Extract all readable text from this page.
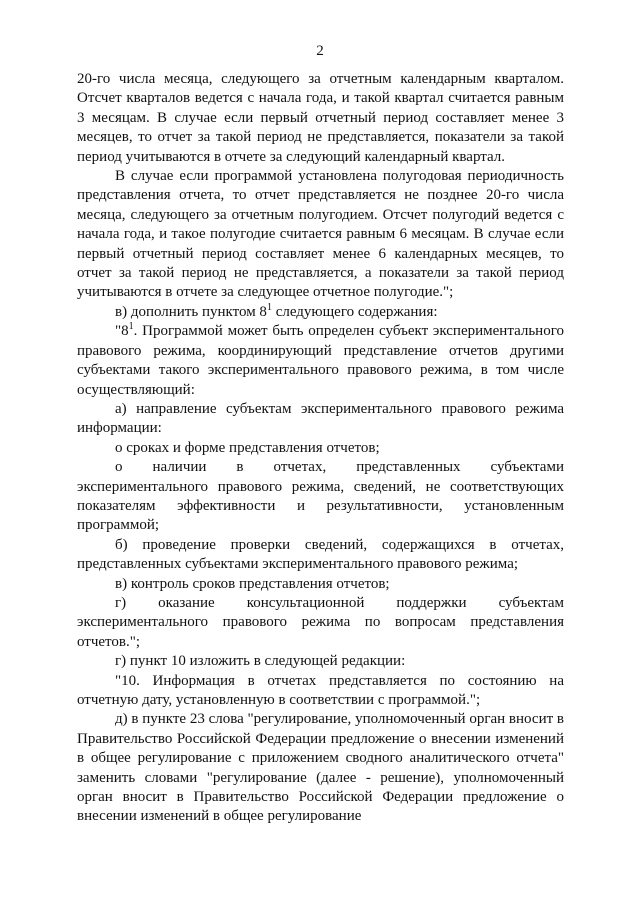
2

20-го числа месяца, следующего за отчетным календарным кварталом. Отсчет кварталов ведется с начала года, и такой квартал считается равным 3 месяцам. В случае если первый отчетный период составляет менее 3 месяцев, то отчет за такой период не представляется, показатели за такой период учитываются в отчете за следующий календарный квартал.

В случае если программой установлена полугодовая периодичность представления отчета, то отчет представляется не позднее 20-го числа месяца, следующего за отчетным полугодием. Отсчет полугодий ведется с начала года, и такое полугодие считается равным 6 месяцам. В случае если первый отчетный период составляет менее 6 календарных месяцев, то отчет за такой период не представляется, а показатели за такой период учитываются в отчете за следующее отчетное полугодие.";

в) дополнить пунктом $8^1$ следующего содержания:

"$8^1$. Программой может быть определен субъект экспериментального правового режима, координирующий представление отчетов другими субъектами такого экспериментального правового режима, в том числе осуществляющий:

а) направление субъектам экспериментального правового режима информации:

о сроках и форме представления отчетов;

о наличии в отчетах, представленных субъектами экспериментального правового режима, сведений, не соответствующих показателям эффективности и результативности, установленным программой;

б) проведение проверки сведений, содержащихся в отчетах, представленных субъектами экспериментального правового режима;

в) контроль сроков представления отчетов;

г) оказание консультационной поддержки субъектам экспериментального правового режима по вопросам представления отчетов.";

г) пункт 10 изложить в следующей редакции:

"10. Информация в отчетах представляется по состоянию на отчетную дату, установленную в соответствии с программой.";

д) в пункте 23 слова "регулирование, уполномоченный орган вносит в Правительство Российской Федерации предложение о внесении изменений в общее регулирование с приложением сводного аналитического отчета" заменить словами "регулирование (далее - решение), уполномоченный орган вносит в Правительство Российской Федерации предложение о внесении изменений в общее регулирование
